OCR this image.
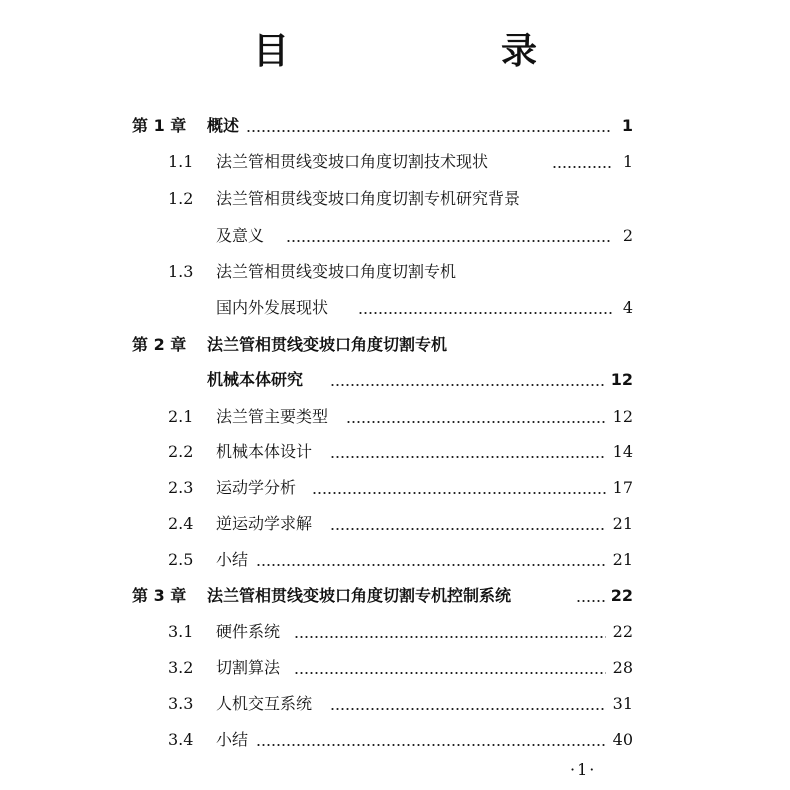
目　录
第 1 章 概述	1
1.1 法兰管相贯线变坡口角度切割技术现状	1
1.2 法兰管相贯线变坡口角度切割专机研究背景
及意义	2
1.3 法兰管相贯线变坡口角度切割专机
国内外发展现状	4
第 2 章 法兰管相贯线变坡口角度切割专机
机械本体研究	12
2.1 法兰管主要类型	12
2.2 机械本体设计	14
2.3 运动学分析	17
2.4 逆运动学求解	21
2.5 小结	21
第 3 章 法兰管相贯线变坡口角度切割专机控制系统	22
3.1 硬件系统	22
3.2 切割算法	28
3.3 人机交互系统	31
3.4 小结	40
·1·
